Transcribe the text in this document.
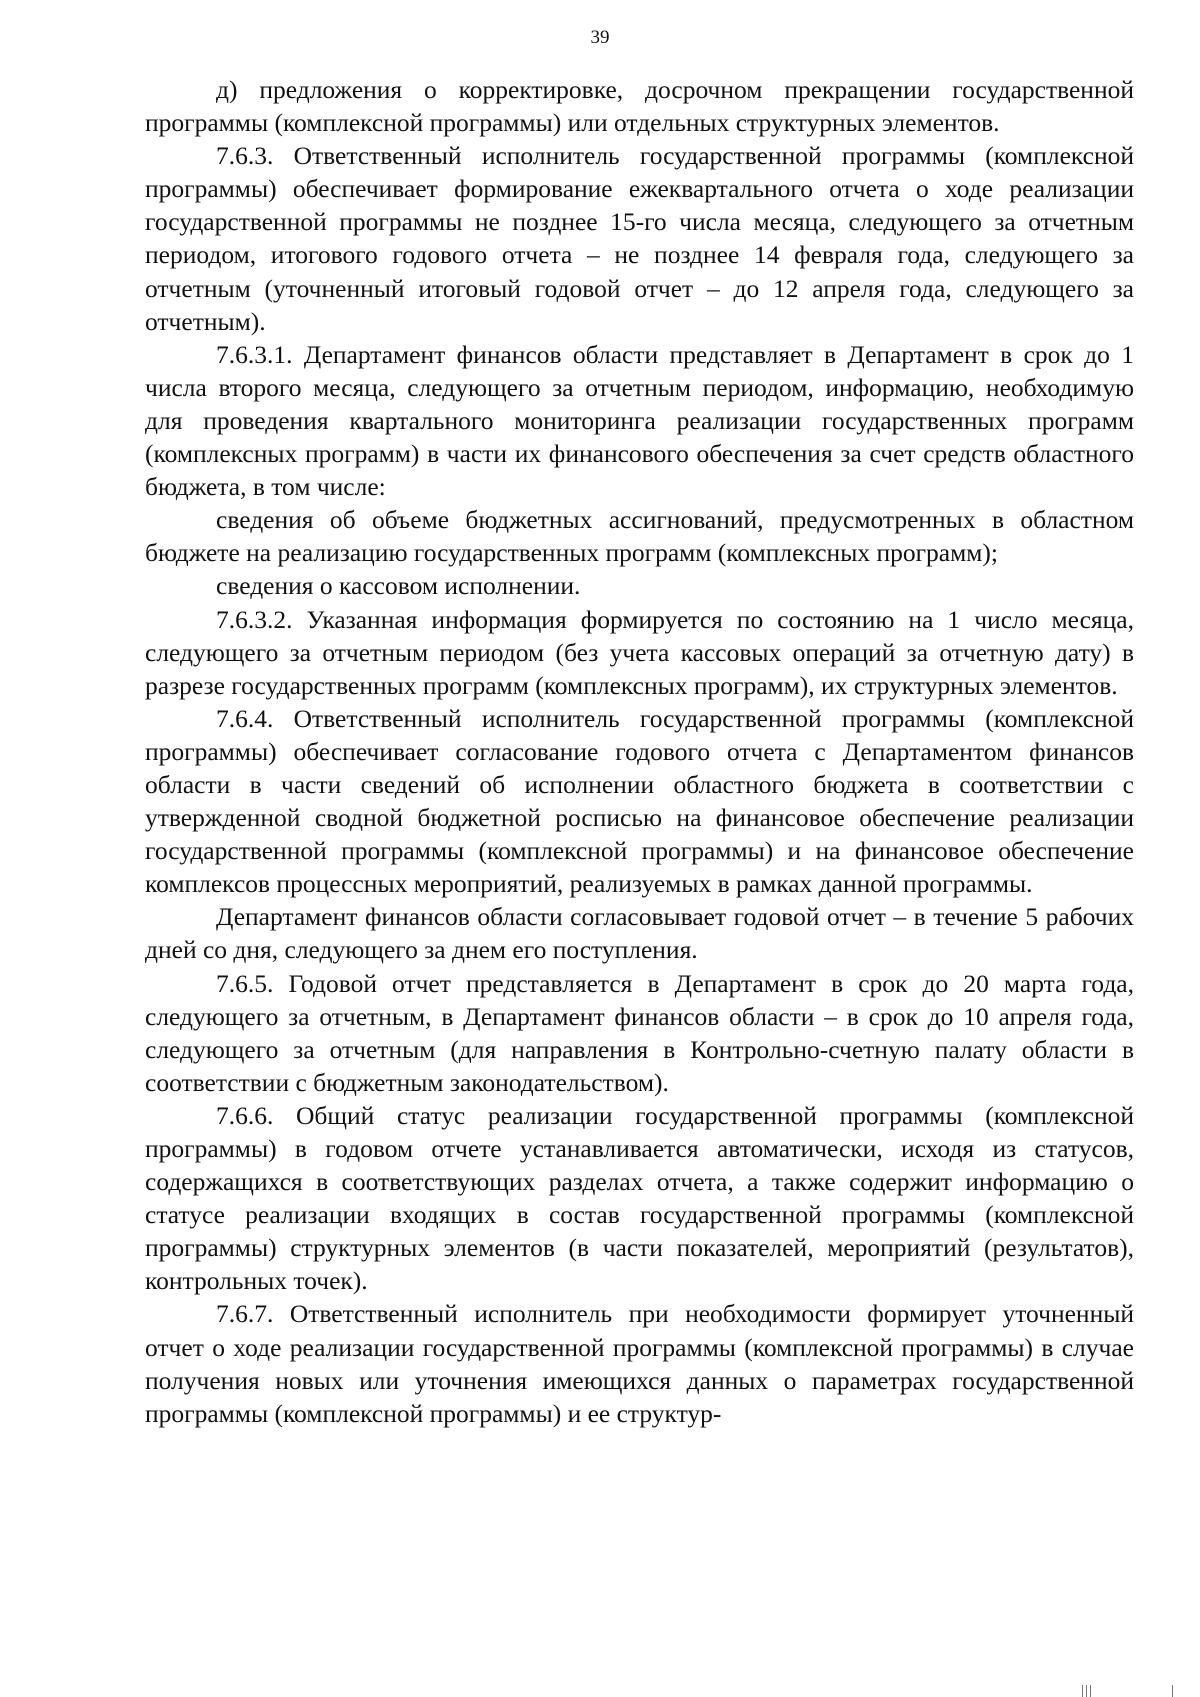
39

д) предложения о корректировке, досрочном прекращении государственной программы (комплексной программы) или отдельных структурных элементов.

7.6.3. Ответственный исполнитель государственной программы (комплексной программы) обеспечивает формирование ежеквартального отчета о ходе реализации государственной программы не позднее 15-го числа месяца, следующего за отчетным периодом, итогового годового отчета – не позднее 14 февраля года, следующего за отчетным (уточненный итоговый годовой отчет – до 12 апреля года, следующего за отчетным).

7.6.3.1. Департамент финансов области представляет в Департамент в срок до 1 числа второго месяца, следующего за отчетным периодом, информацию, необходимую для проведения квартального мониторинга реализации государственных программ (комплексных программ) в части их финансового обеспечения за счет средств областного бюджета, в том числе:

сведения об объеме бюджетных ассигнований, предусмотренных в областном бюджете на реализацию государственных программ (комплексных программ);

сведения о кассовом исполнении.

7.6.3.2. Указанная информация формируется по состоянию на 1 число месяца, следующего за отчетным периодом (без учета кассовых операций за отчетную дату) в разрезе государственных программ (комплексных программ), их структурных элементов.

7.6.4. Ответственный исполнитель государственной программы (комплексной программы) обеспечивает согласование годового отчета с Департаментом финансов области в части сведений об исполнении областного бюджета в соответствии с утвержденной сводной бюджетной росписью на финансовое обеспечение реализации государственной программы (комплексной программы) и на финансовое обеспечение комплексов процессных мероприятий, реализуемых в рамках данной программы.

Департамент финансов области согласовывает годовой отчет – в течение 5 рабочих дней со дня, следующего за днем его поступления.

7.6.5. Годовой отчет представляется в Департамент в срок до 20 марта года, следующего за отчетным, в Департамент финансов области – в срок до 10 апреля года, следующего за отчетным (для направления в Контрольно-счетную палату области в соответствии с бюджетным законодательством).

7.6.6. Общий статус реализации государственной программы (комплексной программы) в годовом отчете устанавливается автоматически, исходя из статусов, содержащихся в соответствующих разделах отчета, а также содержит информацию о статусе реализации входящих в состав государственной программы (комплексной программы) структурных элементов (в части показателей, мероприятий (результатов), контрольных точек).

7.6.7. Ответственный исполнитель при необходимости формирует уточненный отчет о ходе реализации государственной программы (комплексной программы) в случае получения новых или уточнения имеющихся данных о параметрах государственной программы (комплексной программы) и ее структур-
